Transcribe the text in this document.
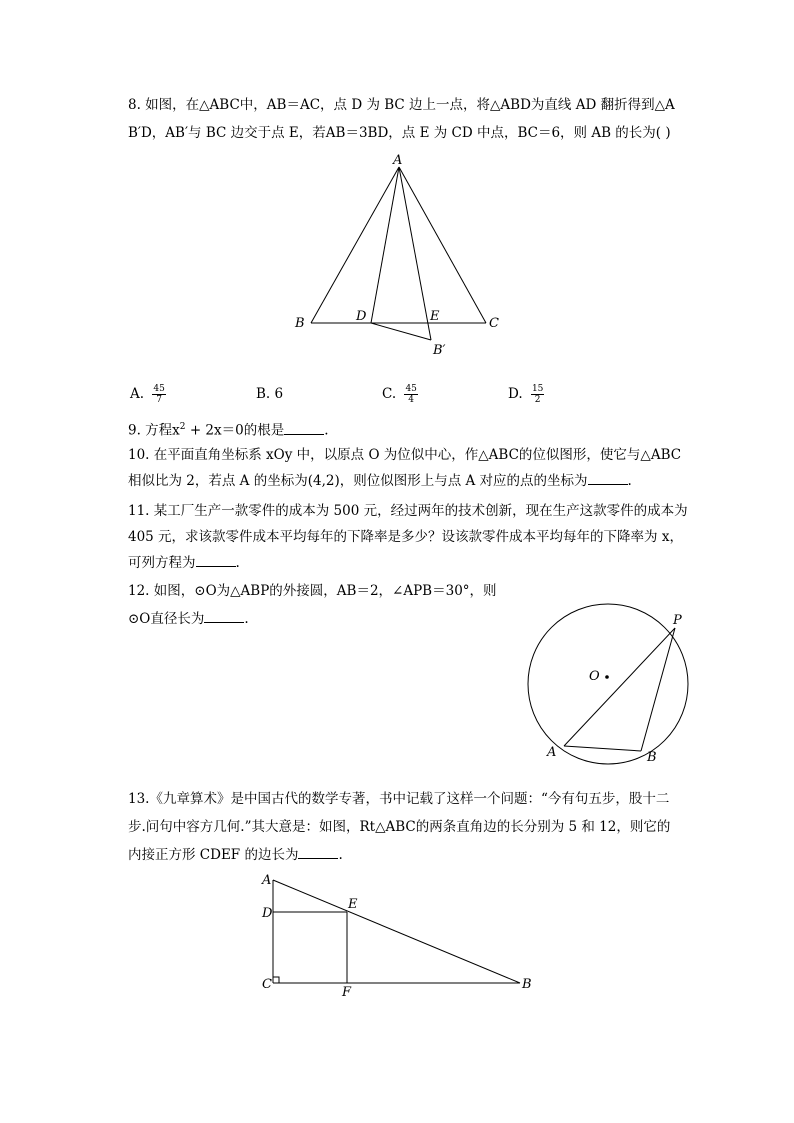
8. 如图，在△ABC中，AB＝AC，点 D 为 BC 边上一点，将△ABD为直线 AD 翻折得到△A
B′D，AB′与 BC 边交于点 E，若AB＝3BD，点 E 为 CD 中点，BC＝6，则 AB 的长为( )
A
B	C
D	E
B′
O
P
A	B
A
D
E
C
F
B
A. $\frac{45}{7}$	B. 6	C. $\frac{45}{4}$	D. $\frac{15}{2}$
9. 方程$x^2 + 2x=0$的根是	.
10. 在平面直角坐标系 xOy 中，以原点 O 为位似中心，作△ABC的位似图形，使它与△ABC
相似比为 2，若点 A 的坐标为(4,2)，则位似图形上与点 A 对应的点的坐标为	.
11. 某工厂生产一款零件的成本为 500 元，经过两年的技术创新，现在生产这款零件的成本为
405 元，求该款零件成本平均每年的下降率是多少？设该款零件成本平均每年的下降率为 x，
可列方程为	.
12. 如图，⊙O为△ABP的外接圆，AB＝2，∠APB＝30°，则
⊙O直径长为	.
13.《九章算术》是中国古代的数学专著，书中记载了这样一个问题：“今有句五步，股十二
步.问句中容方几何.”其大意是：如图，Rt△ABC的两条直角边的长分别为 5 和 12，则它的
内接正方形 CDEF 的边长为	.
